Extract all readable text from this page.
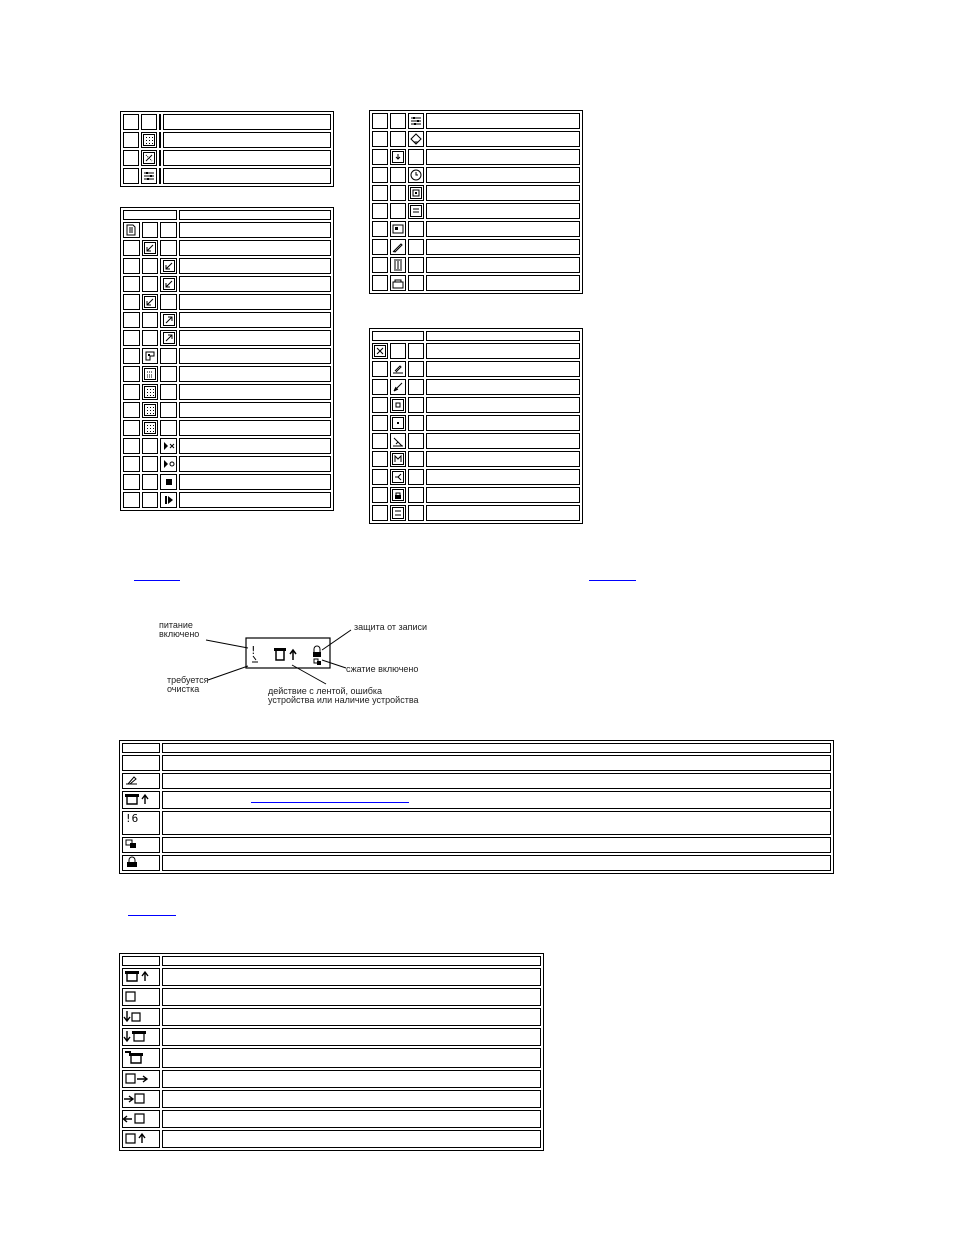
!
питание
включено
защита от записи
сжатие включено
требуется
очистка	действие с лентой, ошибка
устройства или наличие устройства

!6	
